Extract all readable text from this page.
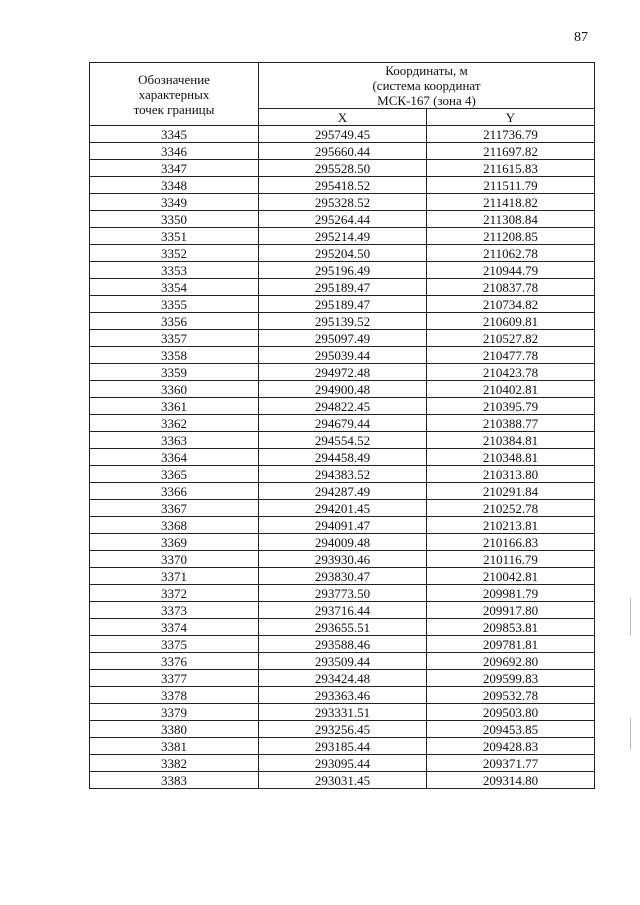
87
Обозначение
характерных
точек границы	Координаты, м
(система координат
МСК-167 (зона 4)	
	X	Y
3345	295749.45	211736.79
3346	295660.44	211697.82
3347	295528.50	211615.83
3348	295418.52	211511.79
3349	295328.52	211418.82
3350	295264.44	211308.84
3351	295214.49	211208.85
3352	295204.50	211062.78
3353	295196.49	210944.79
3354	295189.47	210837.78
3355	295189.47	210734.82
3356	295139.52	210609.81
3357	295097.49	210527.82
3358	295039.44	210477.78
3359	294972.48	210423.78
3360	294900.48	210402.81
3361	294822.45	210395.79
3362	294679.44	210388.77
3363	294554.52	210384.81
3364	294458.49	210348.81
3365	294383.52	210313.80
3366	294287.49	210291.84
3367	294201.45	210252.78
3368	294091.47	210213.81
3369	294009.48	210166.83
3370	293930.46	210116.79
3371	293830.47	210042.81
3372	293773.50	209981.79
3373	293716.44	209917.80
3374	293655.51	209853.81
3375	293588.46	209781.81
3376	293509.44	209692.80
3377	293424.48	209599.83
3378	293363.46	209532.78
3379	293331.51	209503.80
3380	293256.45	209453.85
3381	293185.44	209428.83
3382	293095.44	209371.77
3383	293031.45	209314.80
